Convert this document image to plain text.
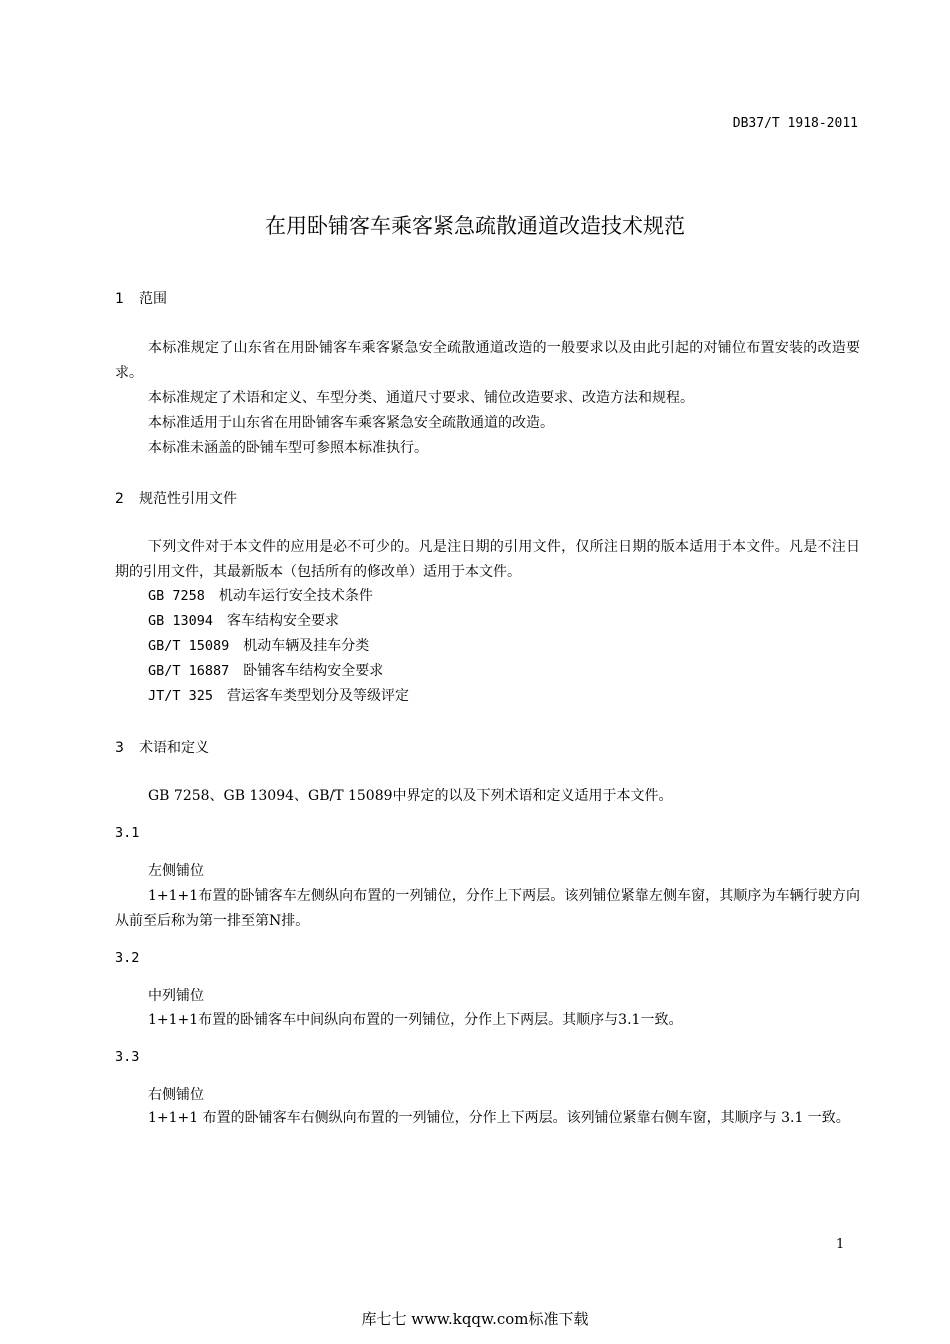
DB37/T 1918-2011
在用卧铺客车乘客紧急疏散通道改造技术规范
1 范围
本标准规定了山东省在用卧铺客车乘客紧急安全疏散通道改造的一般要求以及由此引起的对铺位布置安装的改造要求。
本标准规定了术语和定义、车型分类、通道尺寸要求、铺位改造要求、改造方法和规程。
本标准适用于山东省在用卧铺客车乘客紧急安全疏散通道的改造。
本标准未涵盖的卧铺车型可参照本标准执行。
2 规范性引用文件
下列文件对于本文件的应用是必不可少的。凡是注日期的引用文件，仅所注日期的版本适用于本文件。凡是不注日期的引用文件，其最新版本（包括所有的修改单）适用于本文件。
GB 7258 机动车运行安全技术条件
GB 13094 客车结构安全要求
GB/T 15089 机动车辆及挂车分类
GB/T 16887 卧铺客车结构安全要求
JT/T 325 营运客车类型划分及等级评定
3 术语和定义
GB 7258、GB 13094、GB/T 15089中界定的以及下列术语和定义适用于本文件。
3.1
左侧铺位
1+1+1布置的卧铺客车左侧纵向布置的一列铺位，分作上下两层。该列铺位紧靠左侧车窗，其顺序为车辆行驶方向从前至后称为第一排至第N排。
3.2
中列铺位
1+1+1布置的卧铺客车中间纵向布置的一列铺位，分作上下两层。其顺序与3.1一致。
3.3
右侧铺位
1+1+1 布置的卧铺客车右侧纵向布置的一列铺位，分作上下两层。该列铺位紧靠右侧车窗，其顺序与 3.1 一致。
1
库七七 www.kqqw.com标准下载
